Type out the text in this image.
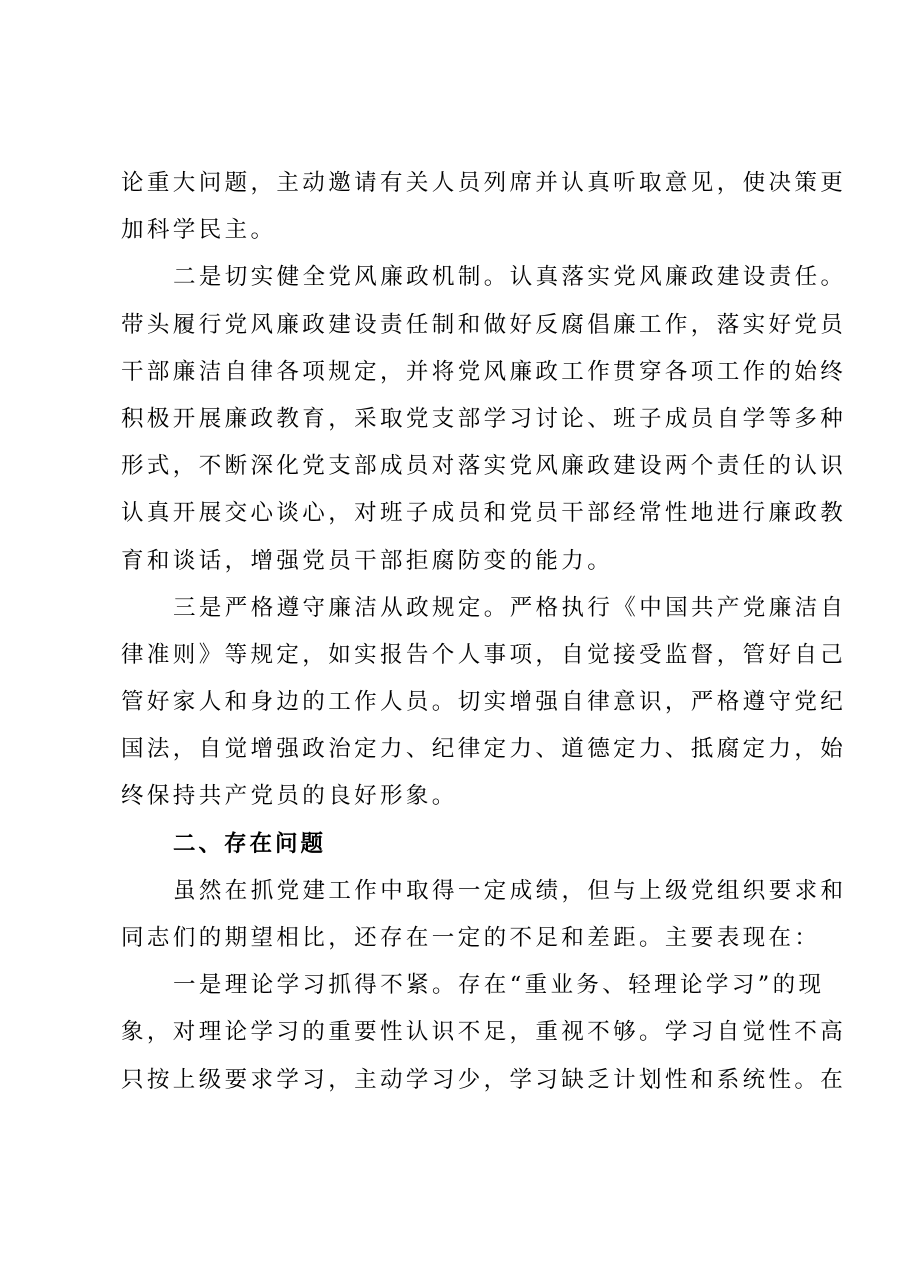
论重大问题，主动邀请有关人员列席并认真听取意见，使决策更
加科学民主。
二是切实健全党风廉政机制。认真落实党风廉政建设责任。
带头履行党风廉政建设责任制和做好反腐倡廉工作，落实好党员
干部廉洁自律各项规定，并将党风廉政工作贯穿各项工作的始终
积极开展廉政教育，采取党支部学习讨论、班子成员自学等多种
形式，不断深化党支部成员对落实党风廉政建设两个责任的认识
认真开展交心谈心，对班子成员和党员干部经常性地进行廉政教
育和谈话，增强党员干部拒腐防变的能力。
三是严格遵守廉洁从政规定。严格执行《中国共产党廉洁自
律准则》等规定，如实报告个人事项，自觉接受监督，管好自己
管好家人和身边的工作人员。切实增强自律意识，严格遵守党纪
国法，自觉增强政治定力、纪律定力、道德定力、抵腐定力，始
终保持共产党员的良好形象。
二、存在问题
虽然在抓党建工作中取得一定成绩，但与上级党组织要求和
同志们的期望相比，还存在一定的不足和差距。主要表现在：
一是理论学习抓得不紧。存在“重业务、轻理论学习”的现
象，对理论学习的重要性认识不足，重视不够。学习自觉性不高
只按上级要求学习，主动学习少，学习缺乏计划性和系统性。在
